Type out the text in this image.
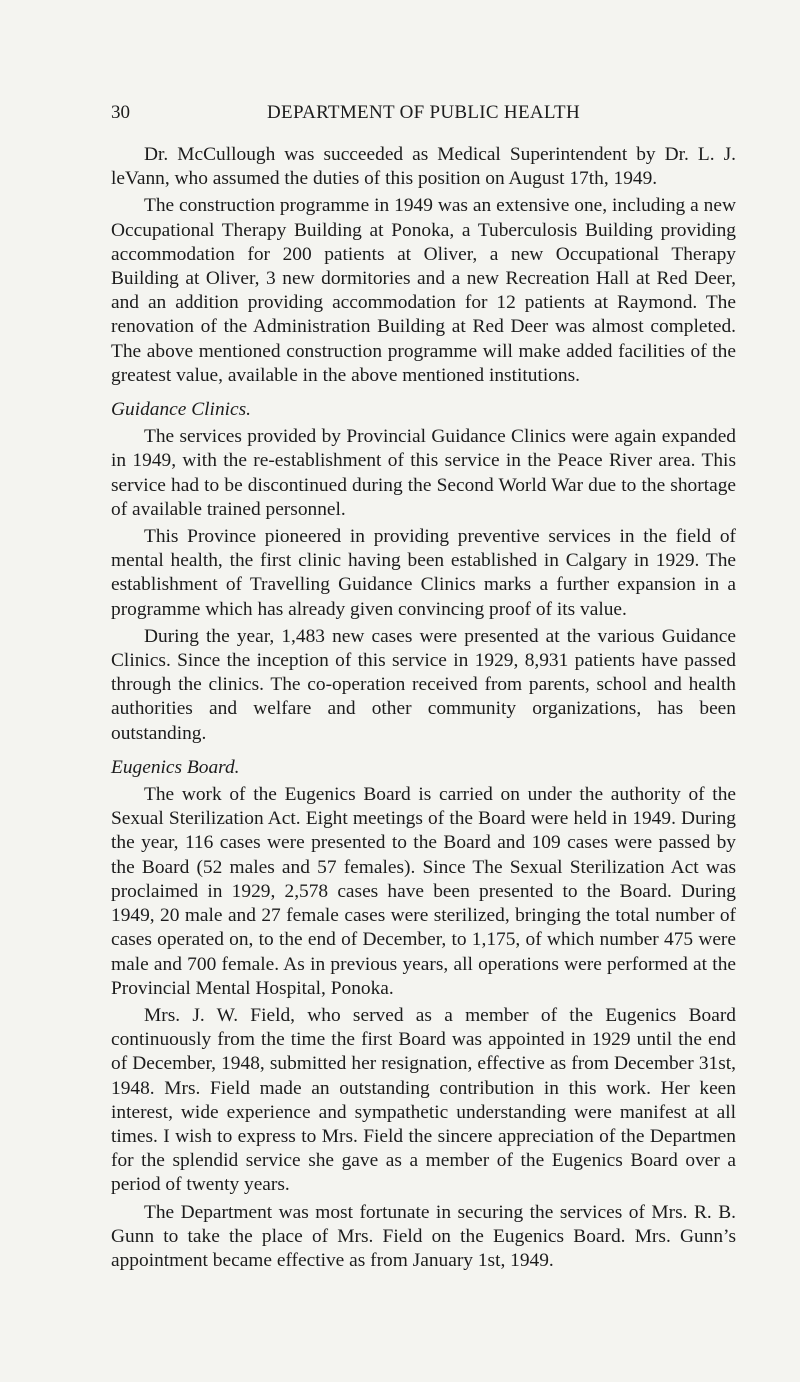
30	DEPARTMENT OF PUBLIC HEALTH

Dr. McCullough was succeeded as Medical Superintendent by Dr. L. J. leVann, who assumed the duties of this position on August 17th, 1949.

The construction programme in 1949 was an extensive one, including a new Occupational Therapy Building at Ponoka, a Tuberculosis Building providing accommodation for 200 patients at Oliver, a new Occupational Therapy Building at Oliver, 3 new dormitories and a new Recreation Hall at Red Deer, and an addition providing accommodation for 12 patients at Raymond. The renovation of the Administration Building at Red Deer was almost completed. The above mentioned construction programme will make added facilities of the greatest value, available in the above mentioned institutions.

Guidance Clinics.

The services provided by Provincial Guidance Clinics were again expanded in 1949, with the re-establishment of this service in the Peace River area. This service had to be discontinued during the Second World War due to the shortage of available trained personnel.

This Province pioneered in providing preventive services in the field of mental health, the first clinic having been established in Calgary in 1929. The establishment of Travelling Guidance Clinics marks a further expansion in a programme which has already given convincing proof of its value.

During the year, 1,483 new cases were presented at the various Guidance Clinics. Since the inception of this service in 1929, 8,931 patients have passed through the clinics. The co-operation received from parents, school and health authorities and welfare and other community organizations, has been outstanding.

Eugenics Board.

The work of the Eugenics Board is carried on under the authority of the Sexual Sterilization Act. Eight meetings of the Board were held in 1949. During the year, 116 cases were presented to the Board and 109 cases were passed by the Board (52 males and 57 females). Since The Sexual Sterilization Act was proclaimed in 1929, 2,578 cases have been presented to the Board. During 1949, 20 male and 27 female cases were sterilized, bringing the total number of cases operated on, to the end of December, to 1,175, of which number 475 were male and 700 female. As in previous years, all operations were performed at the Provincial Mental Hospital, Ponoka.

Mrs. J. W. Field, who served as a member of the Eugenics Board continuously from the time the first Board was appointed in 1929 until the end of December, 1948, submitted her resignation, effective as from December 31st, 1948. Mrs. Field made an outstanding contribution in this work. Her keen interest, wide experience and sympathetic understanding were manifest at all times. I wish to express to Mrs. Field the sincere appreciation of the Departmen for the splendid service she gave as a member of the Eugenics Board over a period of twenty years.

The Department was most fortunate in securing the services of Mrs. R. B. Gunn to take the place of Mrs. Field on the Eugenics Board. Mrs. Gunn’s appointment became effective as from January 1st, 1949.
